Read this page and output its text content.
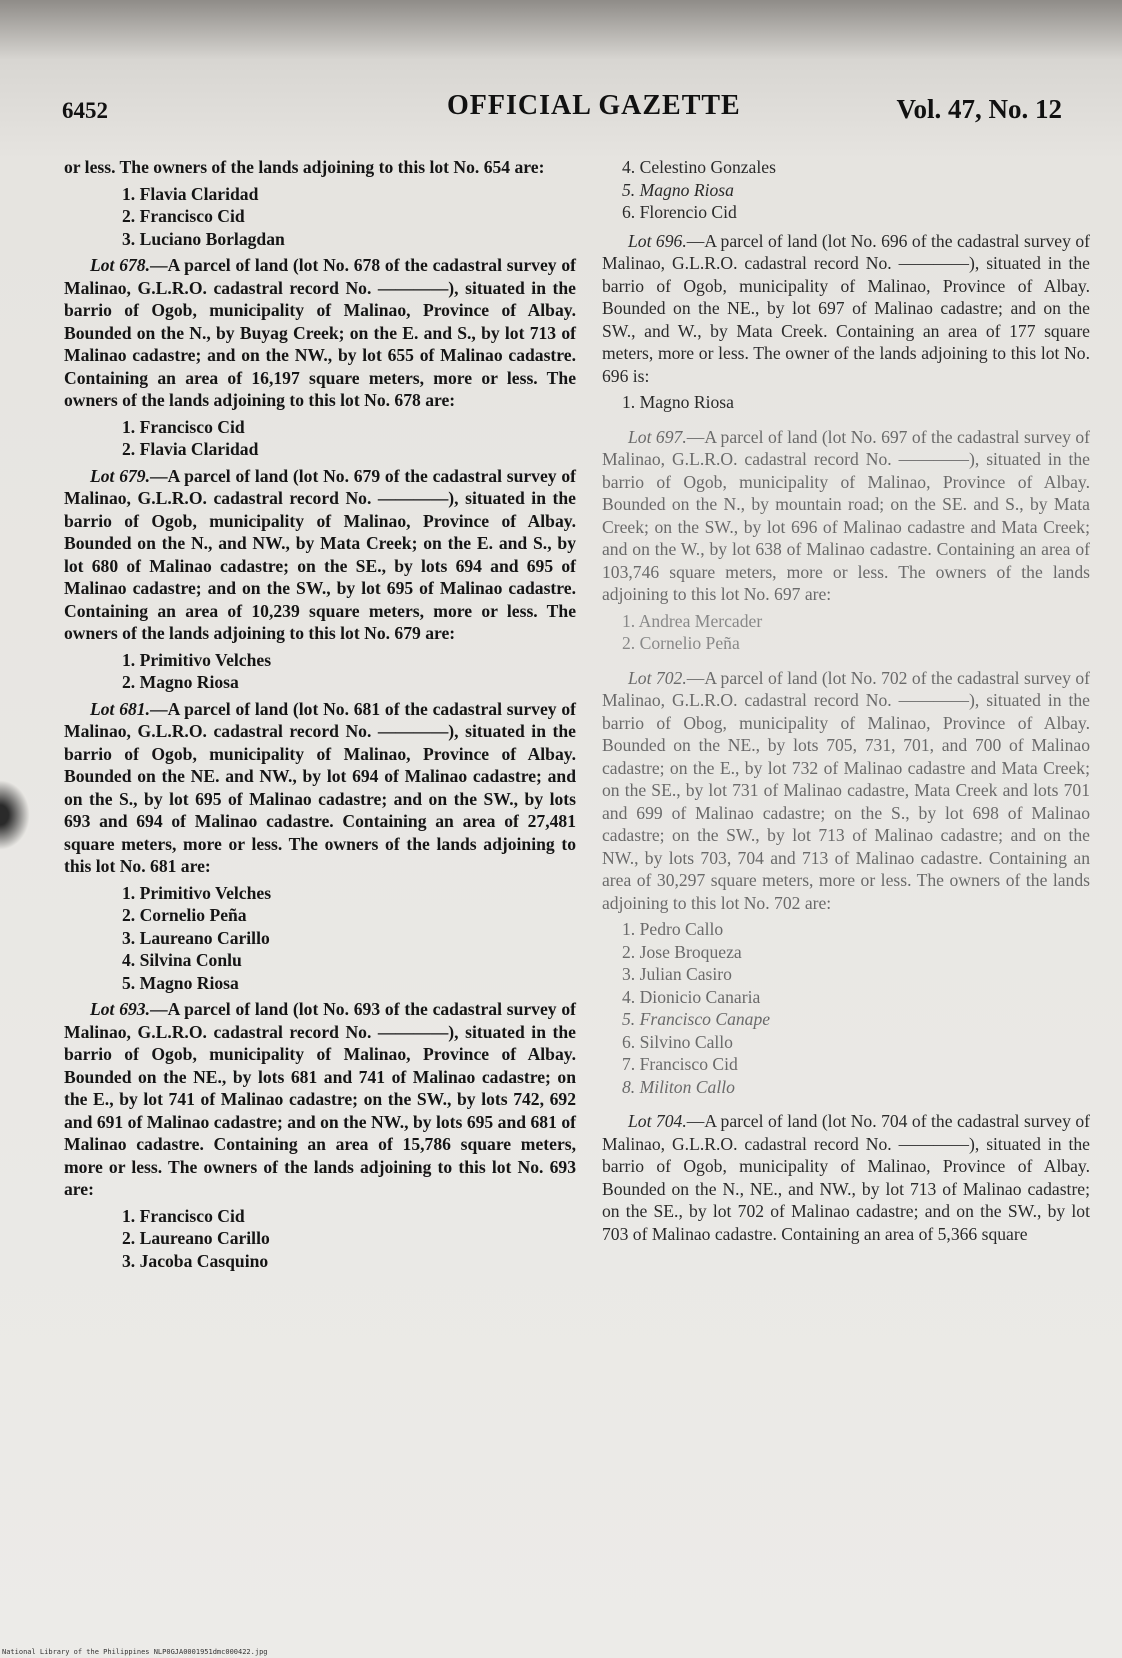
6452	OFFICIAL GAZETTE	Vol. 47, No. 12

or less. The owners of the lands adjoining to this lot No. 654 are:

1. Flavia Claridad
2. Francisco Cid
3. Luciano Borlagdan

Lot 678.—A parcel of land (lot No. 678 of the cadastral survey of Malinao, G.L.R.O. cadastral record No. ————), situated in the barrio of Ogob, municipality of Malinao, Province of Albay. Bounded on the N., by Buyag Creek; on the E. and S., by lot 713 of Malinao cadastre; and on the NW., by lot 655 of Malinao cadastre. Containing an area of 16,197 square meters, more or less. The owners of the lands adjoining to this lot No. 678 are:

1. Francisco Cid
2. Flavia Claridad

Lot 679.—A parcel of land (lot No. 679 of the cadastral survey of Malinao, G.L.R.O. cadastral record No. ————), situated in the barrio of Ogob, municipality of Malinao, Province of Albay. Bounded on the N., and NW., by Mata Creek; on the E. and S., by lot 680 of Malinao cadastre; on the SE., by lots 694 and 695 of Malinao cadastre; and on the SW., by lot 695 of Malinao cadastre. Containing an area of 10,239 square meters, more or less. The owners of the lands adjoining to this lot No. 679 are:

1. Primitivo Velches
2. Magno Riosa

Lot 681.—A parcel of land (lot No. 681 of the cadastral survey of Malinao, G.L.R.O. cadastral record No. ————), situated in the barrio of Ogob, municipality of Malinao, Province of Albay. Bounded on the NE. and NW., by lot 694 of Malinao cadastre; and on the S., by lot 695 of Malinao cadastre; and on the SW., by lots 693 and 694 of Malinao cadastre. Containing an area of 27,481 square meters, more or less. The owners of the lands adjoining to this lot No. 681 are:

1. Primitivo Velches
2. Cornelio Peña
3. Laureano Carillo
4. Silvina Conlu
5. Magno Riosa

Lot 693.—A parcel of land (lot No. 693 of the cadastral survey of Malinao, G.L.R.O. cadastral record No. ————), situated in the barrio of Ogob, municipality of Malinao, Province of Albay. Bounded on the NE., by lots 681 and 741 of Malinao cadastre; on the E., by lot 741 of Malinao cadastre; on the SW., by lots 742, 692 and 691 of Malinao cadastre; and on the NW., by lots 695 and 681 of Malinao cadastre. Containing an area of 15,786 square meters, more or less. The owners of the lands adjoining to this lot No. 693 are:

1. Francisco Cid
2. Laureano Carillo
3. Jacoba Casquino
4. Celestino Gonzales
5. Magno Riosa
6. Florencio Cid

Lot 696.—A parcel of land (lot No. 696 of the cadastral survey of Malinao, G.L.R.O. cadastral record No. ————), situated in the barrio of Ogob, municipality of Malinao, Province of Albay. Bounded on the NE., by lot 697 of Malinao cadastre; and on the SW., and W., by Mata Creek. Containing an area of 177 square meters, more or less. The owner of the lands adjoining to this lot No. 696 is:

1. Magno Riosa

Lot 697.—A parcel of land (lot No. 697 of the cadastral survey of Malinao, G.L.R.O. cadastral record No. ————), situated in the barrio of Ogob, municipality of Malinao, Province of Albay. Bounded on the N., by mountain road; on the SE. and S., by Mata Creek; on the SW., by lot 696 of Malinao cadastre and Mata Creek; and on the W., by lot 638 of Malinao cadastre. Containing an area of 103,746 square meters, more or less. The owners of the lands adjoining to this lot No. 697 are:

1. Andrea Mercader
2. Cornelio Peña

Lot 702.—A parcel of land (lot No. 702 of the cadastral survey of Malinao, G.L.R.O. cadastral record No. ————), situated in the barrio of Obog, municipality of Malinao, Province of Albay. Bounded on the NE., by lots 705, 731, 701, and 700 of Malinao cadastre; on the E., by lot 732 of Malinao cadastre and Mata Creek; on the SE., by lot 731 of Malinao cadastre, Mata Creek and lots 701 and 699 of Malinao cadastre; on the S., by lot 698 of Malinao cadastre; on the SW., by lot 713 of Malinao cadastre; and on the NW., by lots 703, 704 and 713 of Malinao cadastre. Containing an area of 30,297 square meters, more or less. The owners of the lands adjoining to this lot No. 702 are:

1. Pedro Callo
2. Jose Broqueza
3. Julian Casiro
4. Dionicio Canaria
5. Francisco Canape
6. Silvino Callo
7. Francisco Cid
8. Militon Callo

Lot 704.—A parcel of land (lot No. 704 of the cadastral survey of Malinao, G.L.R.O. cadastral record No. ————), situated in the barrio of Ogob, municipality of Malinao, Province of Albay. Bounded on the N., NE., and NW., by lot 713 of Malinao cadastre; on the SE., by lot 702 of Malinao cadastre; and on the SW., by lot 703 of Malinao cadastre. Containing an area of 5,366 square

National Library of the Philippines NLP0GJA0001951dmc000422.jpg
